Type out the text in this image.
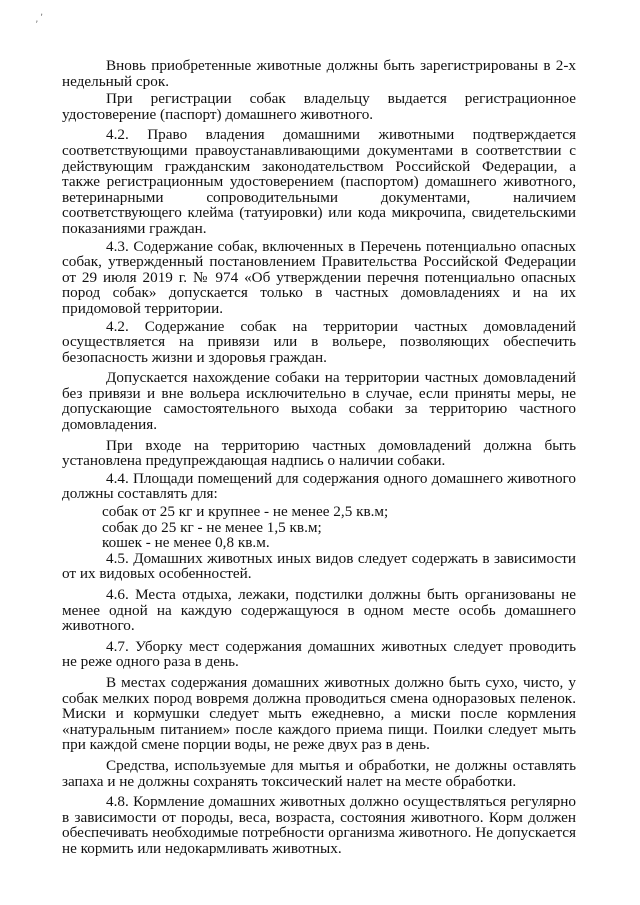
‚ ʼ

Вновь приобретенные животные должны быть зарегистрированы в 2-х недельный срок.

При регистрации собак владельцу выдается регистрационное удостоверение (паспорт) домашнего животного.

4.2. Право владения домашними животными подтверждается соответствующими правоустанавливающими документами в соответствии с действующим гражданским законодательством Российской Федерации, а также регистрационным удостоверением (паспортом) домашнего животного, ветеринарными сопроводительными документами, наличием соответствующего клейма (татуировки) или кода микрочипа, свидетельскими показаниями граждан.

4.3. Содержание собак, включенных в Перечень потенциально опасных собак, утвержденный постановлением Правительства Российской Федерации от 29 июля 2019 г. № 974 «Об утверждении перечня потенциально опасных пород собак» допускается только в частных домовладениях и на их придомовой территории.

4.2. Содержание собак на территории частных домовладений осуществляется на привязи или в вольере, позволяющих обеспечить безопасность жизни и здоровья граждан.

Допускается нахождение собаки на территории частных домовладений без привязи и вне вольера исключительно в случае, если приняты меры, не допускающие самостоятельного выхода собаки за территорию частного домовладения.

При входе на территорию частных домовладений должна быть установлена предупреждающая надпись о наличии собаки.

4.4. Площади помещений для содержания одного домашнего животного должны составлять для:

собак от 25 кг и крупнее - не менее 2,5 кв.м;

собак до 25 кг - не менее 1,5 кв.м;

кошек - не менее 0,8 кв.м.

4.5. Домашних животных иных видов следует содержать в зависимости от их видовых особенностей.

4.6. Места отдыха, лежаки, подстилки должны быть организованы не менее одной на каждую содержащуюся в одном месте особь домашнего животного.

4.7. Уборку мест содержания домашних животных следует проводить не реже одного раза в день.

В местах содержания домашних животных должно быть сухо, чисто, у собак мелких пород вовремя должна проводиться смена одноразовых пеленок. Миски и кормушки следует мыть ежедневно, а миски после кормления «натуральным питанием» после каждого приема пищи. Поилки следует мыть при каждой смене порции воды, не реже двух раз в день.

Средства, используемые для мытья и обработки, не должны оставлять запаха и не должны сохранять токсический налет на месте обработки.

4.8. Кормление домашних животных должно осуществляться регулярно в зависимости от породы, веса, возраста, состояния животного. Корм должен обеспечивать необходимые потребности организма животного. Не допускается не кормить или недокармливать животных.
